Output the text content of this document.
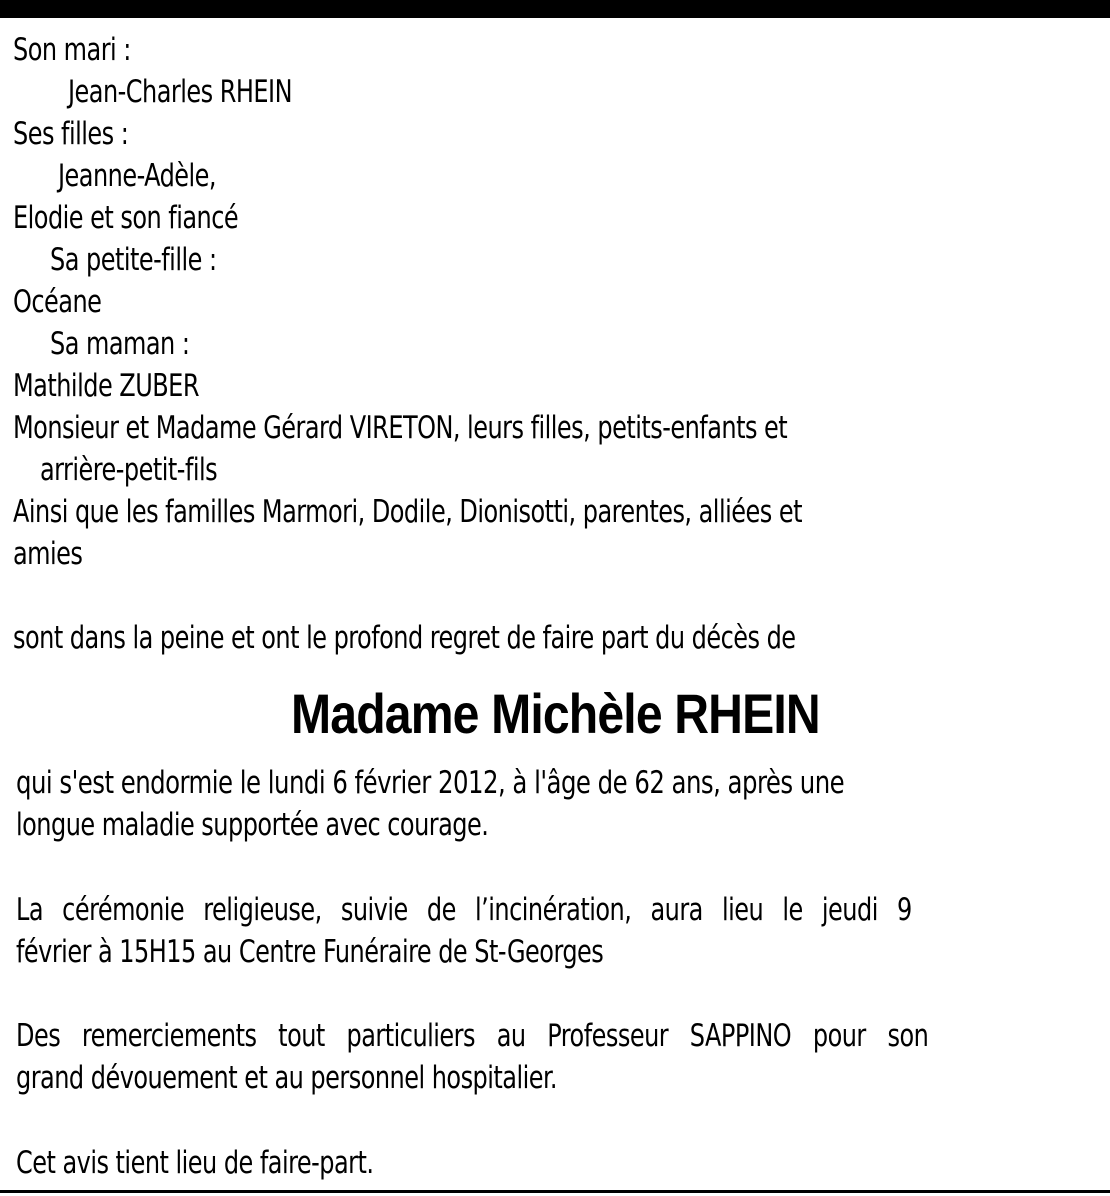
Son mari :
Jean-Charles RHEIN
Ses filles :
Jeanne-Adèle,
Elodie et son fiancé
Sa petite-fille :
Océane
Sa maman :
Mathilde ZUBER
Monsieur et Madame Gérard VIRETON, leurs filles, petits-enfants et
arrière-petit-fils
Ainsi que les familles Marmori, Dodile, Dionisotti, parentes, alliées et
amies
sont dans la peine et ont le profond regret de faire part du décès de
Madame Michèle RHEIN
qui s'est endormie le lundi 6 février 2012, à l'âge de 62 ans, après une
longue maladie supportée avec courage.
La cérémonie religieuse, suivie de l’incinération, aura lieu le jeudi 9
février à 15H15 au Centre Funéraire de St-Georges
Des remerciements tout particuliers au Professeur SAPPINO pour son
grand dévouement et au personnel hospitalier.
Cet avis tient lieu de faire-part.
